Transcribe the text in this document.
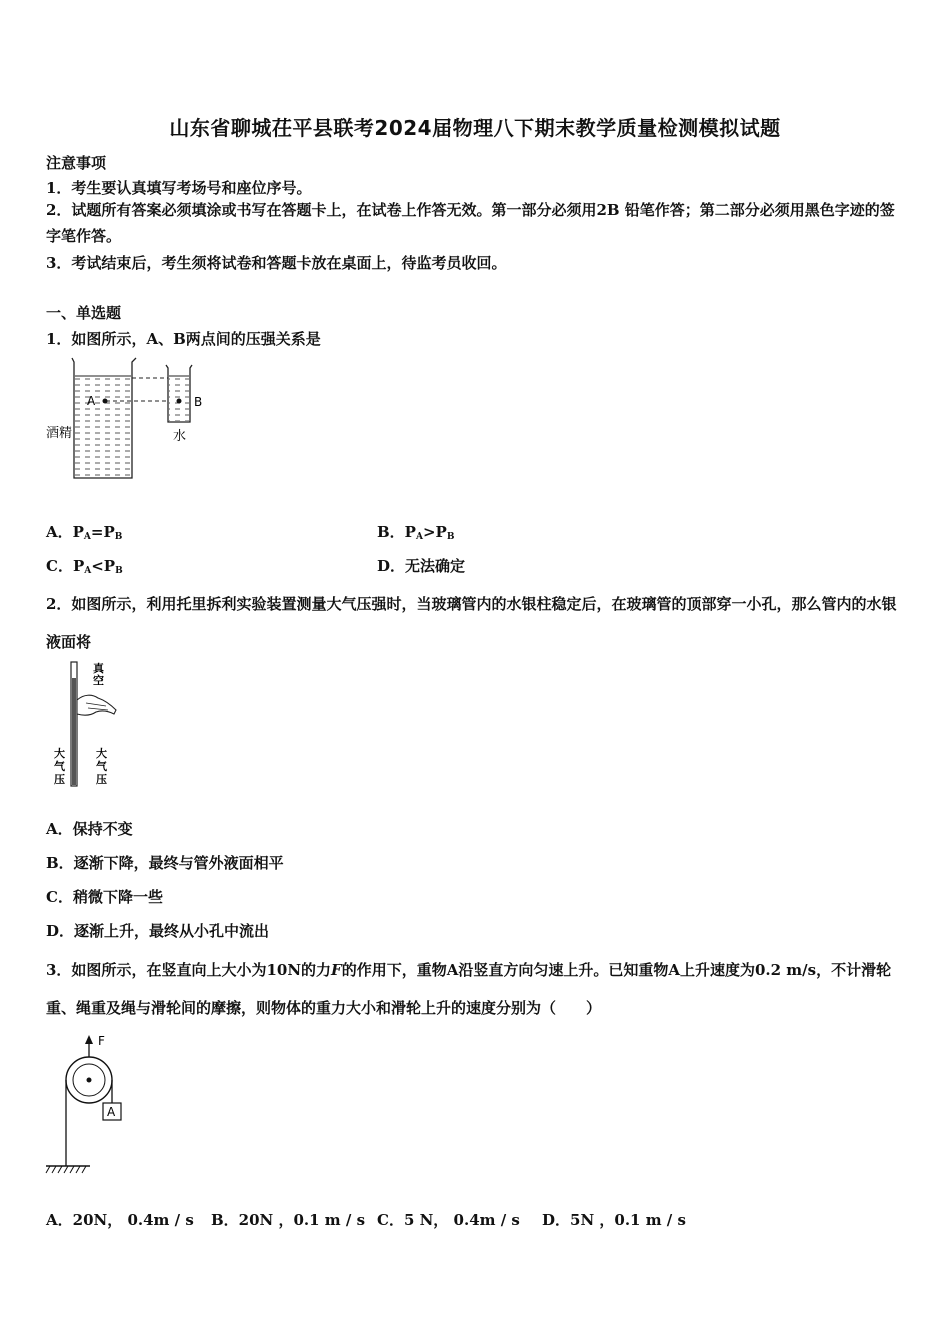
山东省聊城茌平县联考2024届物理八下期末教学质量检测模拟试题
注意事项
1．考生要认真填写考场号和座位序号。
2．试题所有答案必须填涂或书写在答题卡上，在试卷上作答无效。第一部分必须用2B 铅笔作答；第二部分必须用黑色字迹的签字笔作答。
3．考试结束后，考生须将试卷和答题卡放在桌面上，待监考员收回。
一、单选题
1．如图所示，A、B两点间的压强关系是
A	B
酒精	水
A．$P_A=P_B$	B．$P_A>P_B$
C．$P_A<P_B$	D．无法确定
2．如图所示，利用托里拆利实验装置测量大气压强时，当玻璃管内的水银柱稳定后，在玻璃管的顶部穿一小孔，那么管内的水银液面将
真
空
大
气
压
大
气
压
A．保持不变
B．逐渐下降，最终与管外液面相平
C．稍微下降一些
D．逐渐上升，最终从小孔中流出
3．如图所示，在竖直向上大小为10N的力F的作用下，重物A沿竖直方向匀速上升。已知重物A上升速度为0.2 m/s，不计滑轮重、绳重及绳与滑轮间的摩擦，则物体的重力大小和滑轮上升的速度分别为（　　）
F
A
A．20N， 0.4m / s B．20N ，0.1 m / s C．5 N， 0.4m / s D．5N ，0.1 m / s
